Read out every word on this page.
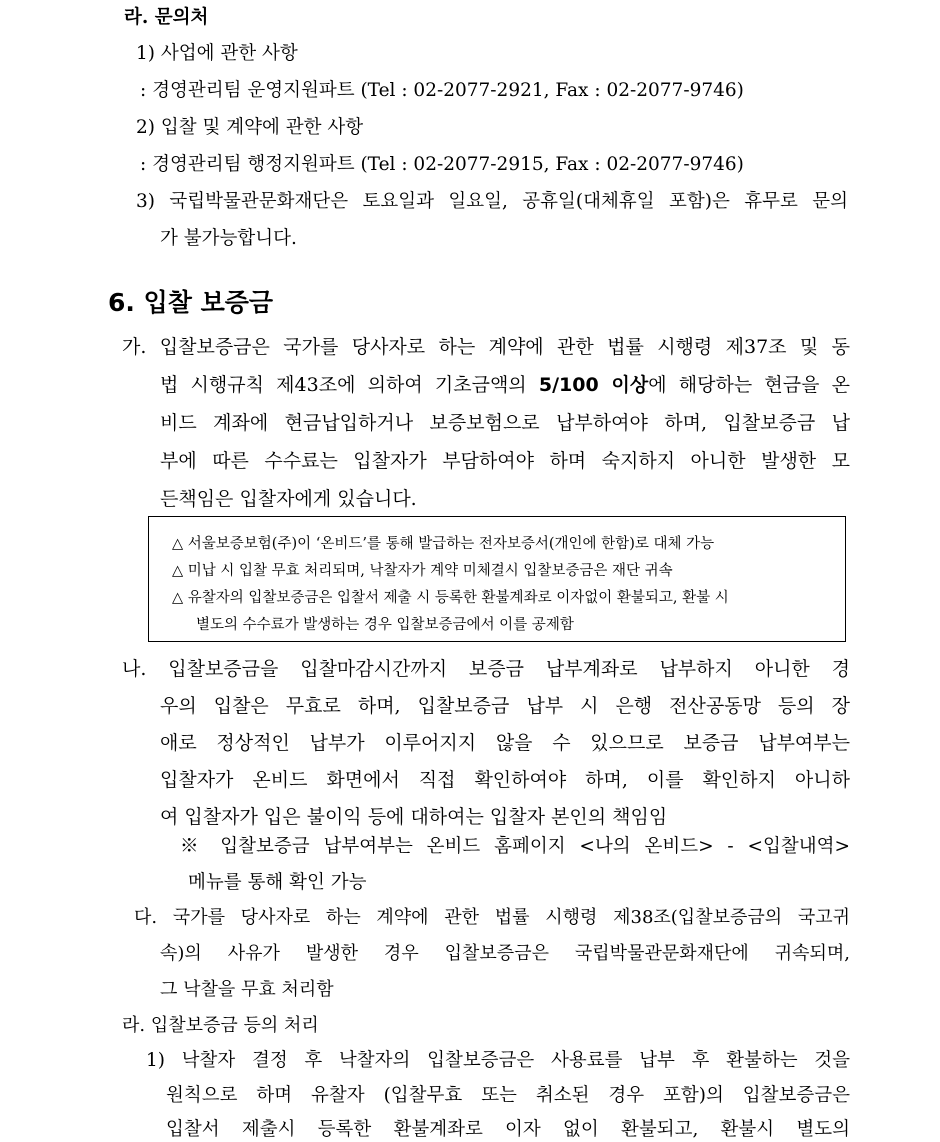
라. 문의처
1) 사업에 관한 사항
: 경영관리팀 운영지원파트 (Tel : 02-2077-2921, Fax : 02-2077-9746)
2) 입찰 및 계약에 관한 사항
: 경영관리팀 행정지원파트 (Tel : 02-2077-2915, Fax : 02-2077-9746)
3) 국립박물관문화재단은 토요일과 일요일, 공휴일(대체휴일 포함)은 휴무로 문의
가 불가능합니다.
6. 입찰 보증금
가. 입찰보증금은 국가를 당사자로 하는 계약에 관한 법률 시행령 제37조 및 동
법 시행규칙 제43조에 의하여 기초금액의 5/100 이상에 해당하는 현금을 온
비드 계좌에 현금납입하거나 보증보험으로 납부하여야 하며, 입찰보증금 납
부에 따른 수수료는 입찰자가 부담하여야 하며 숙지하지 아니한 발생한 모
든책임은 입찰자에게 있습니다.
△ 서울보증보험(주)이 ‘온비드’를 통해 발급하는 전자보증서(개인에 한함)로 대체 가능
△ 미납 시 입찰 무효 처리되며, 낙찰자가 계약 미체결시 입찰보증금은 재단 귀속
△ 유찰자의 입찰보증금은 입찰서 제출 시 등록한 환불계좌로 이자없이 환불되고, 환불 시
별도의 수수료가 발생하는 경우 입찰보증금에서 이를 공제함
나. 입찰보증금을 입찰마감시간까지 보증금 납부계좌로 납부하지 아니한 경
우의 입찰은 무효로 하며, 입찰보증금 납부 시 은행 전산공동망 등의 장
애로 정상적인 납부가 이루어지지 않을 수 있으므로 보증금 납부여부는
입찰자가 온비드 화면에서 직접 확인하여야 하며, 이를 확인하지 아니하
여 입찰자가 입은 불이익 등에 대하여는 입찰자 본인의 책임임
※ 입찰보증금 납부여부는 온비드 홈페이지 <나의 온비드> - <입찰내역>
메뉴를 통해 확인 가능
다. 국가를 당사자로 하는 계약에 관한 법률 시행령 제38조(입찰보증금의 국고귀
속)의 사유가 발생한 경우 입찰보증금은 국립박물관문화재단에 귀속되며,
그 낙찰을 무효 처리함
라. 입찰보증금 등의 처리
1) 낙찰자 결정 후 낙찰자의 입찰보증금은 사용료를 납부 후 환불하는 것을
원칙으로 하며 유찰자 (입찰무효 또는 취소된 경우 포함)의 입찰보증금은
입찰서 제출시 등록한 환불계좌로 이자 없이 환불되고, 환불시 별도의
